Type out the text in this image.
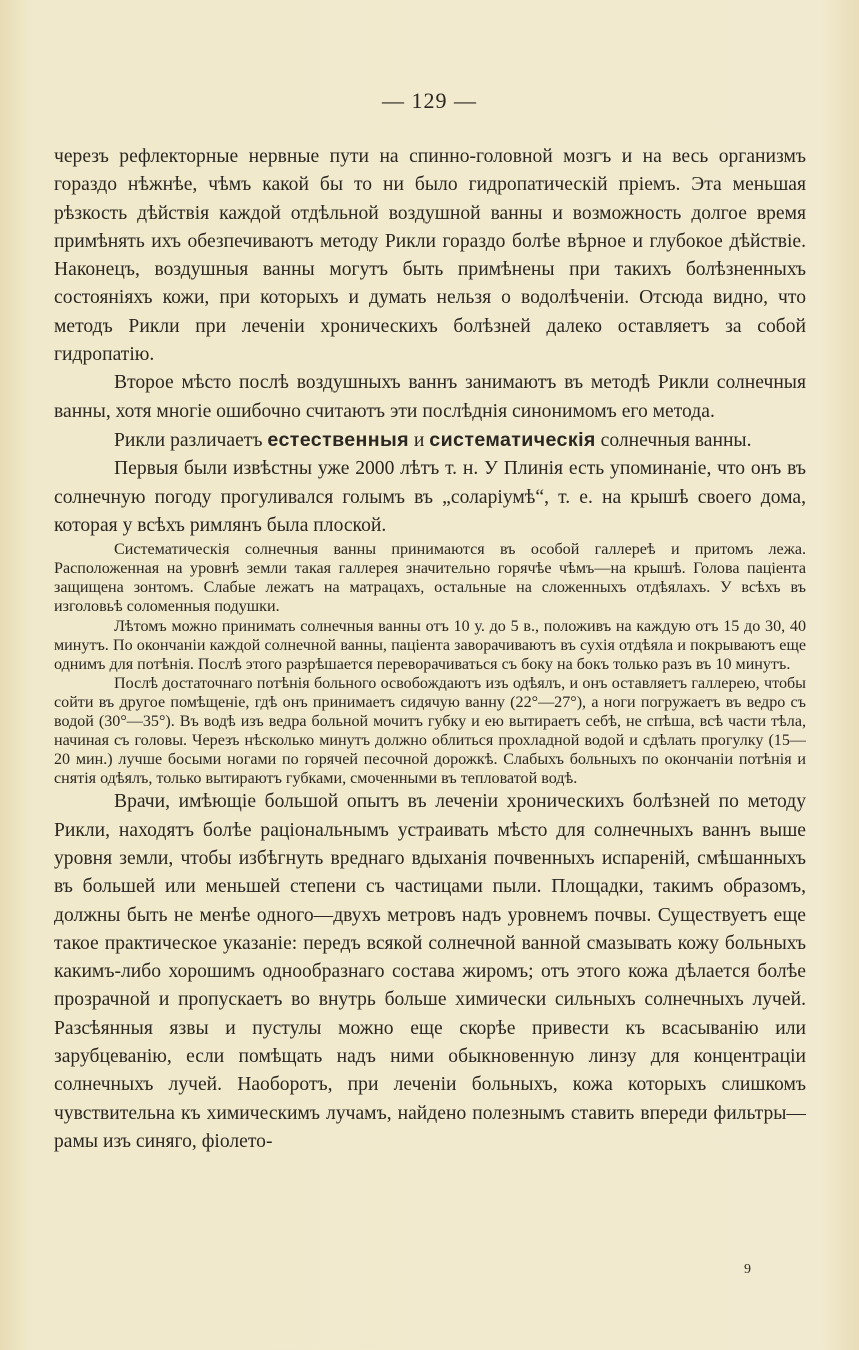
— 129 —

черезъ рефлекторные нервные пути на спинно-головной мозгъ и на весь организмъ гораздо нѣжнѣе, чѣмъ какой бы то ни было гидропатическій пріемъ. Эта меньшая рѣзкость дѣйствія каждой отдѣльной воздушной ванны и возможность долгое время примѣнять ихъ обезпечиваютъ методу Рикли гораздо болѣе вѣрное и глубокое дѣйствіе. Наконецъ, воздушныя ванны могутъ быть примѣнены при такихъ болѣзненныхъ состояніяхъ кожи, при которыхъ и думать нельзя о водолѣченіи. Отсюда видно, что методъ Рикли при леченіи хроническихъ болѣзней далеко оставляетъ за собой гидропатію.

Второе мѣсто послѣ воздушныхъ ваннъ занимаютъ въ методѣ Рикли солнечныя ванны, хотя многіе ошибочно считаютъ эти послѣднія синонимомъ его метода.

Рикли различаетъ естественныя и систематическія солнечныя ванны.

Первыя были извѣстны уже 2000 лѣтъ т. н. У Плинія есть упоминаніе, что онъ въ солнечную погоду прогуливался голымъ въ „соларіумѣ“, т. е. на крышѣ своего дома, которая у всѣхъ римлянъ была плоской.

Систематическія солнечныя ванны принимаются въ особой галлереѣ и притомъ лежа. Расположенная на уровнѣ земли такая галлерея значительно горячѣе чѣмъ—на крышѣ. Голова паціента защищена зонтомъ. Слабые лежатъ на матрацахъ, остальные на сложенныхъ отдѣялахъ. У всѣхъ въ изголовьѣ соломенныя подушки.

Лѣтомъ можно принимать солнечныя ванны отъ 10 у. до 5 в., положивъ на каждую отъ 15 до 30, 40 минутъ. По окончаніи каждой солнечной ванны, паціента заворачиваютъ въ сухія отдѣяла и покрываютъ еще однимъ для потѣнія. Послѣ этого разрѣшается переворачиваться съ боку на бокъ только разъ въ 10 минутъ.

Послѣ достаточнаго потѣнія больного освобождаютъ изъ одѣялъ, и онъ оставляетъ галлерею, чтобы сойти въ другое помѣщеніе, гдѣ онъ принимаетъ сидячую ванну (22°—27°), а ноги погружаетъ въ ведро съ водой (30°—35°). Въ водѣ изъ ведра больной мочитъ губку и ею вытираетъ себѣ, не спѣша, всѣ части тѣла, начиная съ головы. Черезъ нѣсколько минутъ должно облиться прохладной водой и сдѣлать прогулку (15—20 мин.) лучше босыми ногами по горячей песочной дорожкѣ. Слабыхъ больныхъ по окончаніи потѣнія и снятія одѣялъ, только вытираютъ губками, смоченными въ тепловатой водѣ.

Врачи, имѣющіе большой опытъ въ леченіи хроническихъ болѣзней по методу Рикли, находятъ болѣе раціональнымъ устраивать мѣсто для солнечныхъ ваннъ выше уровня земли, чтобы избѣгнуть вреднаго вдыханія почвенныхъ испареній, смѣшанныхъ въ большей или меньшей степени съ частицами пыли. Площадки, такимъ образомъ, должны быть не менѣе одного—двухъ метровъ надъ уровнемъ почвы. Существуетъ еще такое практическое указаніе: передъ всякой солнечной ванной смазывать кожу больныхъ какимъ-либо хорошимъ однообразнаго состава жиромъ; отъ этого кожа дѣлается болѣе прозрачной и пропускаетъ во внутрь больше химически сильныхъ солнечныхъ лучей. Разсѣянныя язвы и пустулы можно еще скорѣе привести къ всасыванію или зарубцеванію, если помѣщать надъ ними обыкновенную линзу для концентраціи солнечныхъ лучей. Наоборотъ, при леченіи больныхъ, кожа которыхъ слишкомъ чувствительна къ химическимъ лучамъ, найдено полезнымъ ставить впереди фильтры—рамы изъ синяго, фіолето-

9
